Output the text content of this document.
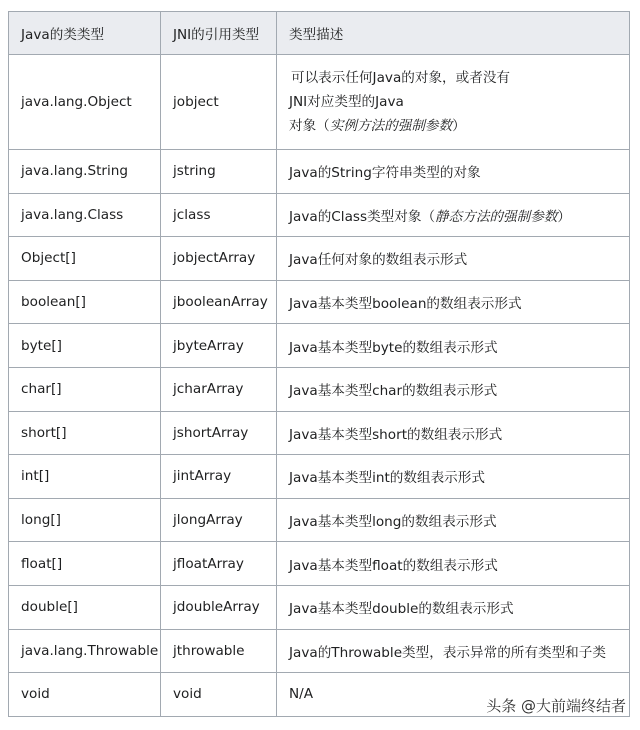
Java的类类型	JNI的引用类型	类型描述
java.lang.Object	jobject	可以表示任何Java的对象，或者没有
JNI对应类型的Java
对象（实例方法的强制参数）

java.lang.String	jstring	Java的String字符串类型的对象
java.lang.Class	jclass	Java的Class类型对象（静态方法的强制参数）
Object[]	jobjectArray	Java任何对象的数组表示形式
boolean[]	jbooleanArray	Java基本类型boolean的数组表示形式
byte[]	jbyteArray	Java基本类型byte的数组表示形式
char[]	jcharArray	Java基本类型char的数组表示形式
short[]	jshortArray	Java基本类型short的数组表示形式
int[]	jintArray	Java基本类型int的数组表示形式
long[]	jlongArray	Java基本类型long的数组表示形式
float[]	jfloatArray	Java基本类型float的数组表示形式
double[]	jdoubleArray	Java基本类型double的数组表示形式
java.lang.Throwable	jthrowable	Java的Throwable类型，表示异常的所有类型和子类
void	void	N/A
头条 @大前端终结者
